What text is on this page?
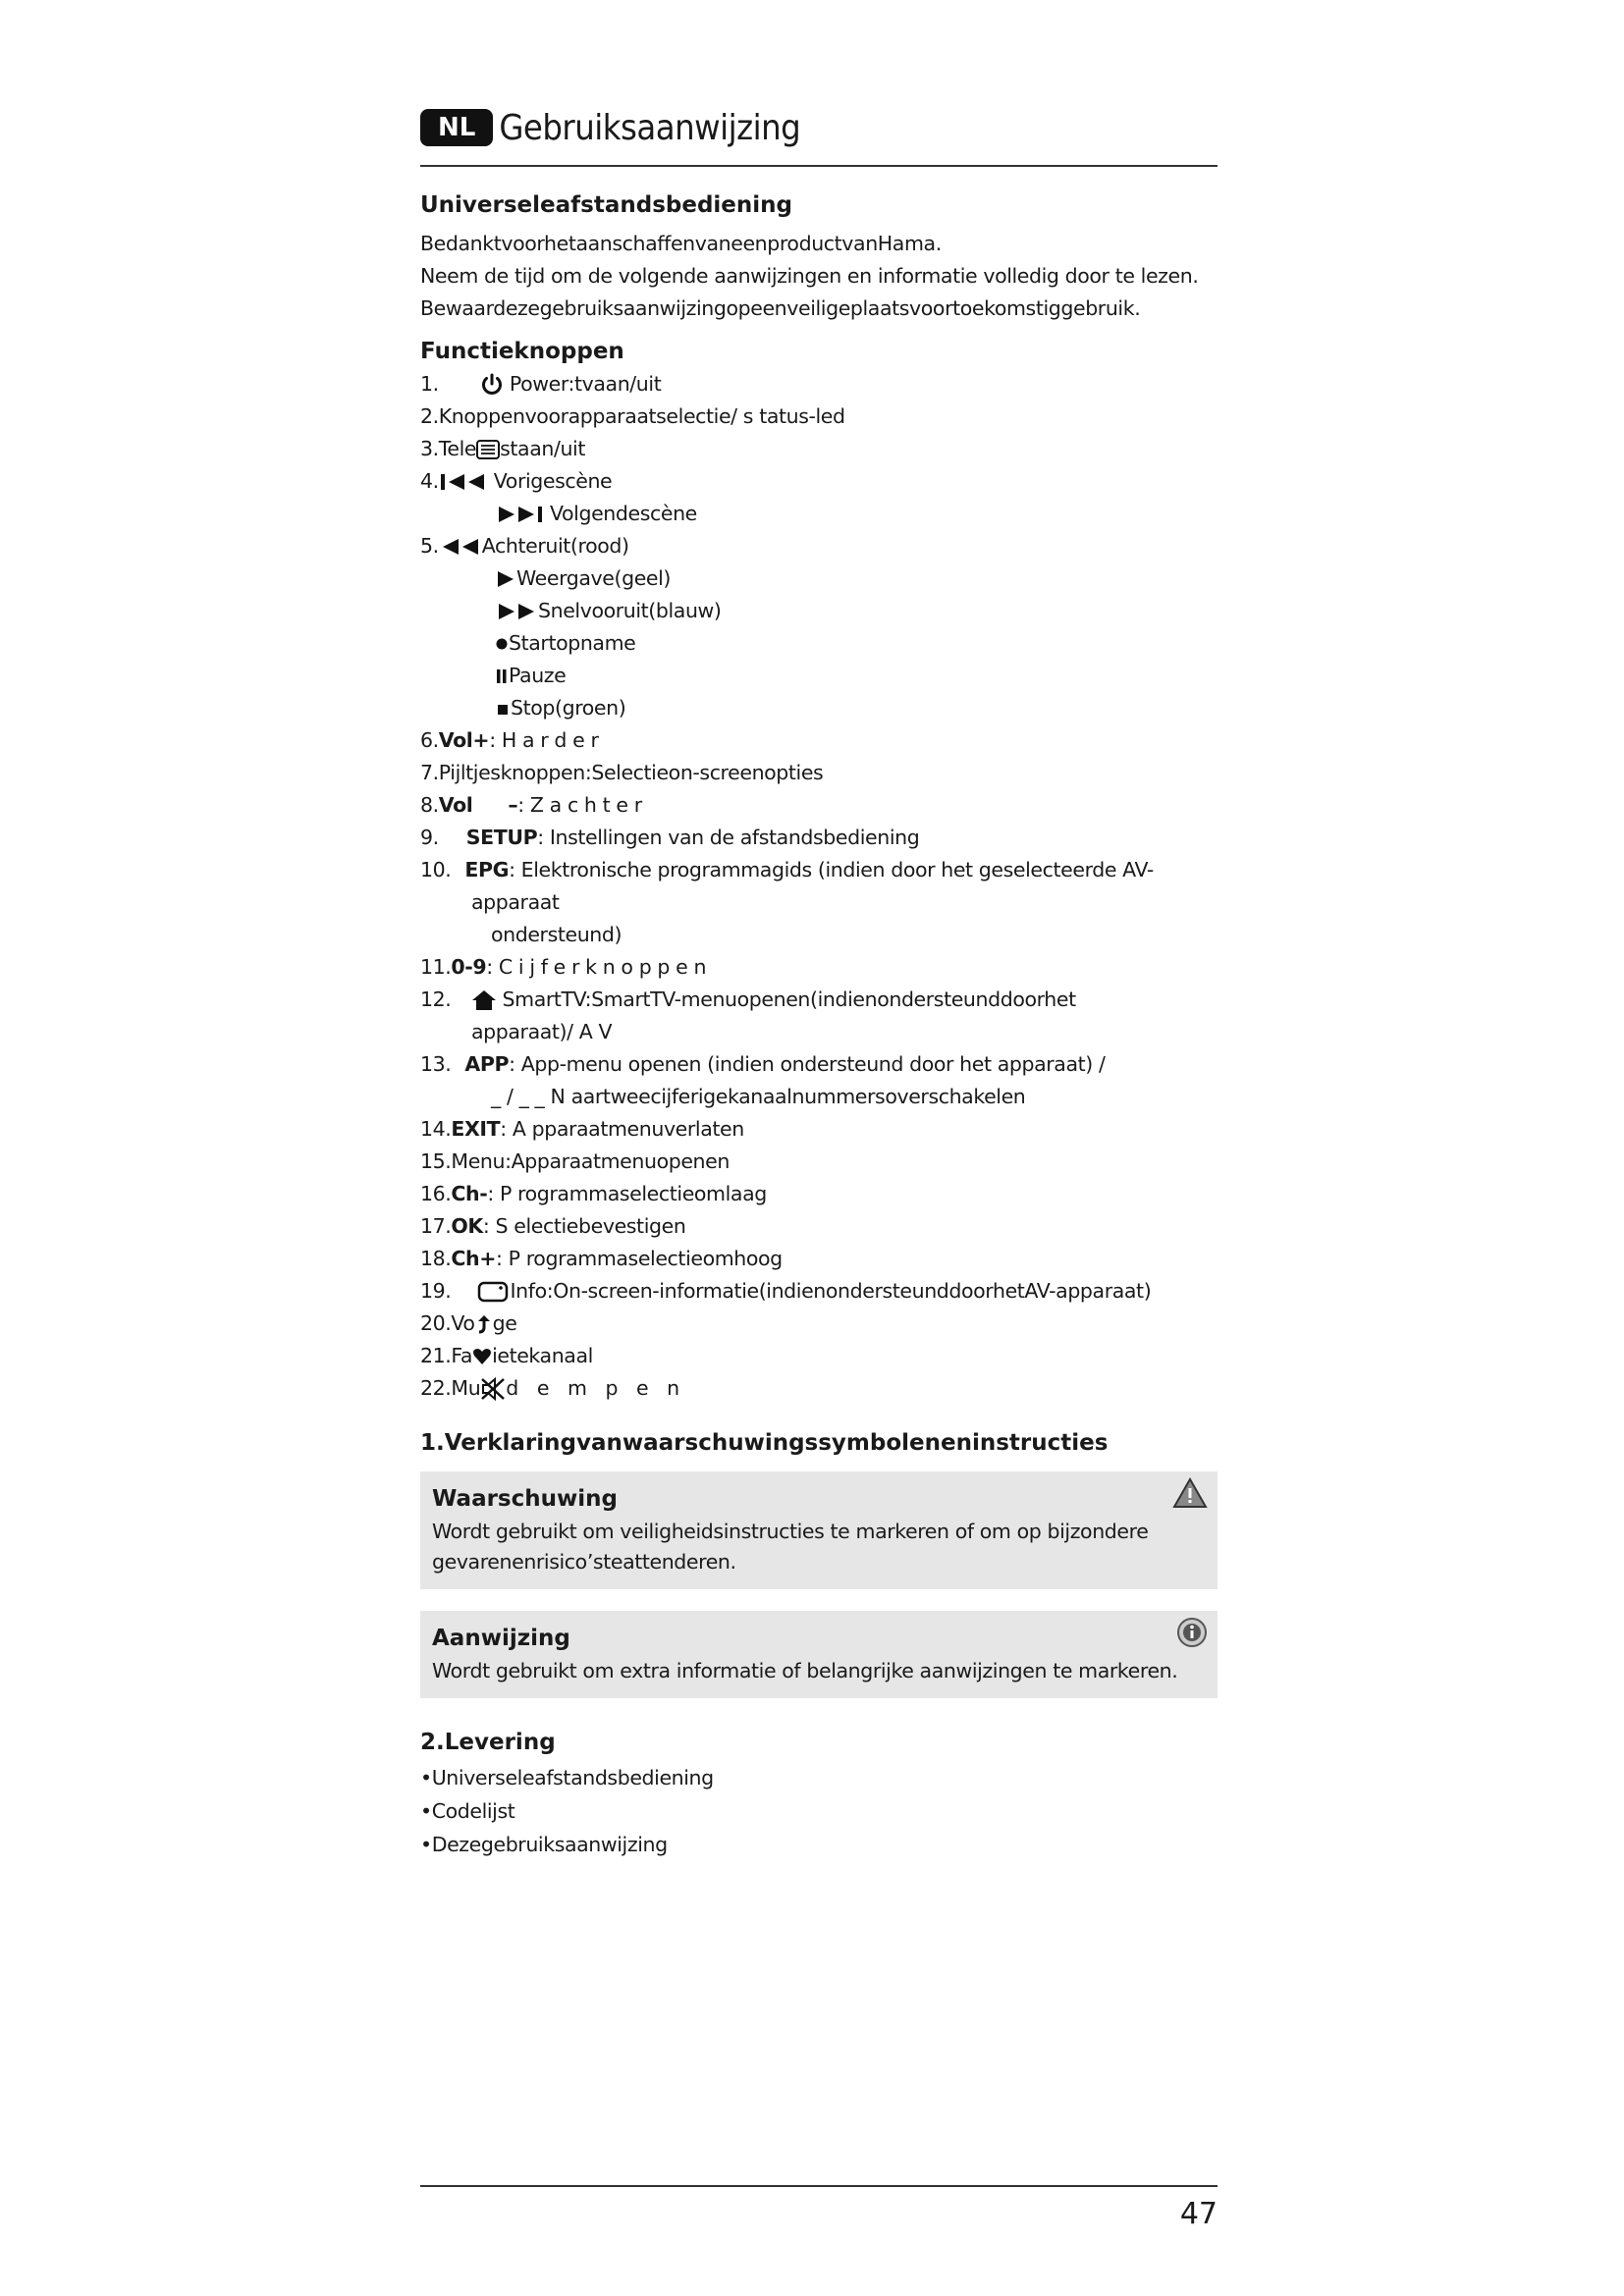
NL Gebruiksaanwijzing
Universeleafstandsbediening

BedanktvoorhetaanschaffenvaneenproductvanHama.

Neem de tijd om de volgende aanwijzingen en informatie volledig door te lezen.

Bewaardezegebruiksaanwijzingopeenveiligeplaatsvoortoekomstiggebruik.

Functieknoppen
1.	Power:tvaan/uit
2.Knoppenvoorapparaatselectie/ s tatus-led
3.Tele staan/uit
4.	Vorigescène
Volgendescène
5. Achteruit(rood)
Weergave(geel)
Snelvooruit(blauw)
Startopname
Pauze
Stop(groen)
6.Vol+: H a r d e r
7.Pijltjesknoppen:Selectieon-screenopties
8.Vol –: Z a c h t e r
9. SETUP: Instellingen van de afstandsbediening
10. EPG: Elektronische programmagids (indien door het geselecteerde AV-
apparaat
ondersteund)
11.0-9: C i j f e r k n o p p e n
12.	SmartTV:SmartTV-menuopenen(indienondersteunddoorhet
apparaat)/ A V
13. APP: App-menu openen (indien ondersteund door het apparaat) /
_ / _ _ N aartweecijferigekanaalnummersoverschakelen
14.EXIT: A pparaatmenuverlaten
15.Menu:Apparaatmenuopenen
16.Ch-: P rogrammaselectieomlaag
17.OK: S electiebevestigen
18.Ch+: P rogrammaselectieomhoog
19.	Info:On-screen-informatie(indienondersteunddoorhetAV-apparaat)
20.Vo ge
21.Fa ietekanaal
22.Mu d e m p e n
1.Verklaringvanwaarschuwingssymboleneninstructies
Waarschuwing
Wordt gebruikt om veiligheidsinstructies te markeren of om op bijzondere
gevarenenrisico’steattenderen.
Aanwijzing
Wordt gebruikt om extra informatie of belangrijke aanwijzingen te markeren.
2.Levering
•Universeleafstandsbediening
•Codelijst
•Dezegebruiksaanwijzing
47
